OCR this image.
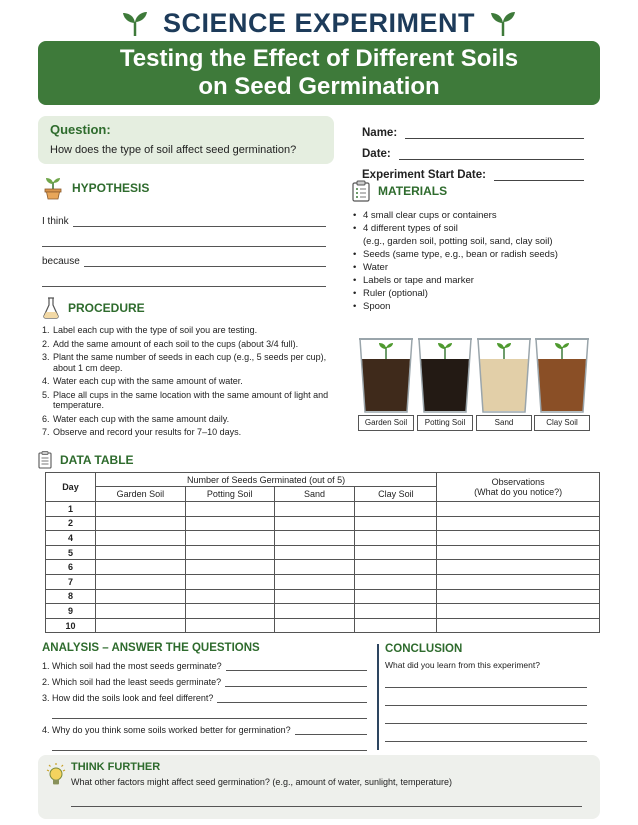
SCIENCE EXPERIMENT
Testing the Effect of Different Soils
on Seed Germination
Question:
How does the type of soil affect seed germination?
Name:
Date:
Experiment Start Date:
HYPOTHESIS
I think
because
MATERIALS
• 4 small clear cups or containers
• 4 different types of soil
(e.g., garden soil, potting soil, sand, clay soil)
• Seeds (same type, e.g., bean or radish seeds)
• Water
• Labels or tape and marker
• Ruler (optional)
• Spoon
PROCEDURE
1. Label each cup with the type of soil you are testing.
2. Add the same amount of each soil to the cups (about 3/4 full).
3. Plant the same number of seeds in each cup (e.g., 5 seeds per cup),
about 1 cm deep.
4. Water each cup with the same amount of water.
5. Place all cups in the same location with the same amount of light and
temperature.
6. Water each cup with the same amount daily.
7. Observe and record your results for 7–10 days.
Garden Soil	Potting Soil	Sand	Clay Soil
DATA TABLE
Day	Number of Seeds Germinated (out of 5)				Observations
(What do you notice?)

	Garden Soil	Potting Soil	Sand	Clay Soil	
1					
2					
4					
5					
6					
7					
8					
9					
10					
ANALYSIS – ANSWER THE QUESTIONS
1. Which soil had the most seeds germinate?
2. Which soil had the least seeds germinate?
3. How did the soils look and feel different?
4. Why do you think some soils worked better for germination?
CONCLUSION
What did you learn from this experiment?
THINK FURTHER
What other factors might affect seed germination? (e.g., amount of water, sunlight, temperature)
